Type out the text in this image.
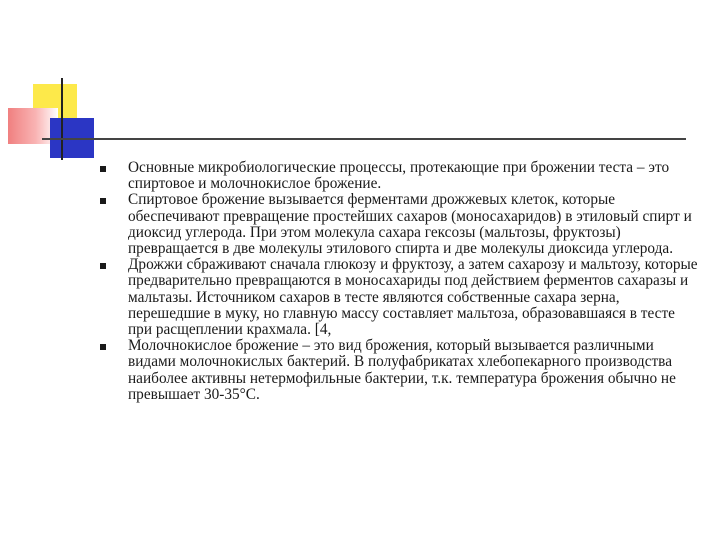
Основные микробиологические процессы, протекающие при брожении теста – это спиртовое и молочнокислое брожение.
Спиртовое брожение вызывается ферментами дрожжевых клеток, которые обеспечивают превращение простейших сахаров (моносахаридов) в этиловый спирт и диоксид углерода. При этом молекула сахара гексозы (мальтозы, фруктозы) превращается в две молекулы этилового спирта и две молекулы диоксида углерода.
Дрожжи сбраживают сначала глюкозу и фруктозу, а затем сахарозу и мальтозу, которые предварительно превращаются в моносахариды под действием ферментов сахаразы и мальтазы. Источником сахаров в тесте являются собственные сахара зерна, перешедшие в муку, но главную массу составляет мальтоза, образовавшаяся в тесте при расщеплении крахмала. [4,
Молочнокислое брожение – это вид брожения, который вызывается различными видами молочнокислых бактерий. В полуфабрикатах хлебопекарного производства наиболее активны нетермофильные бактерии, т.к. температура брожения обычно не превышает 30-35°С.
